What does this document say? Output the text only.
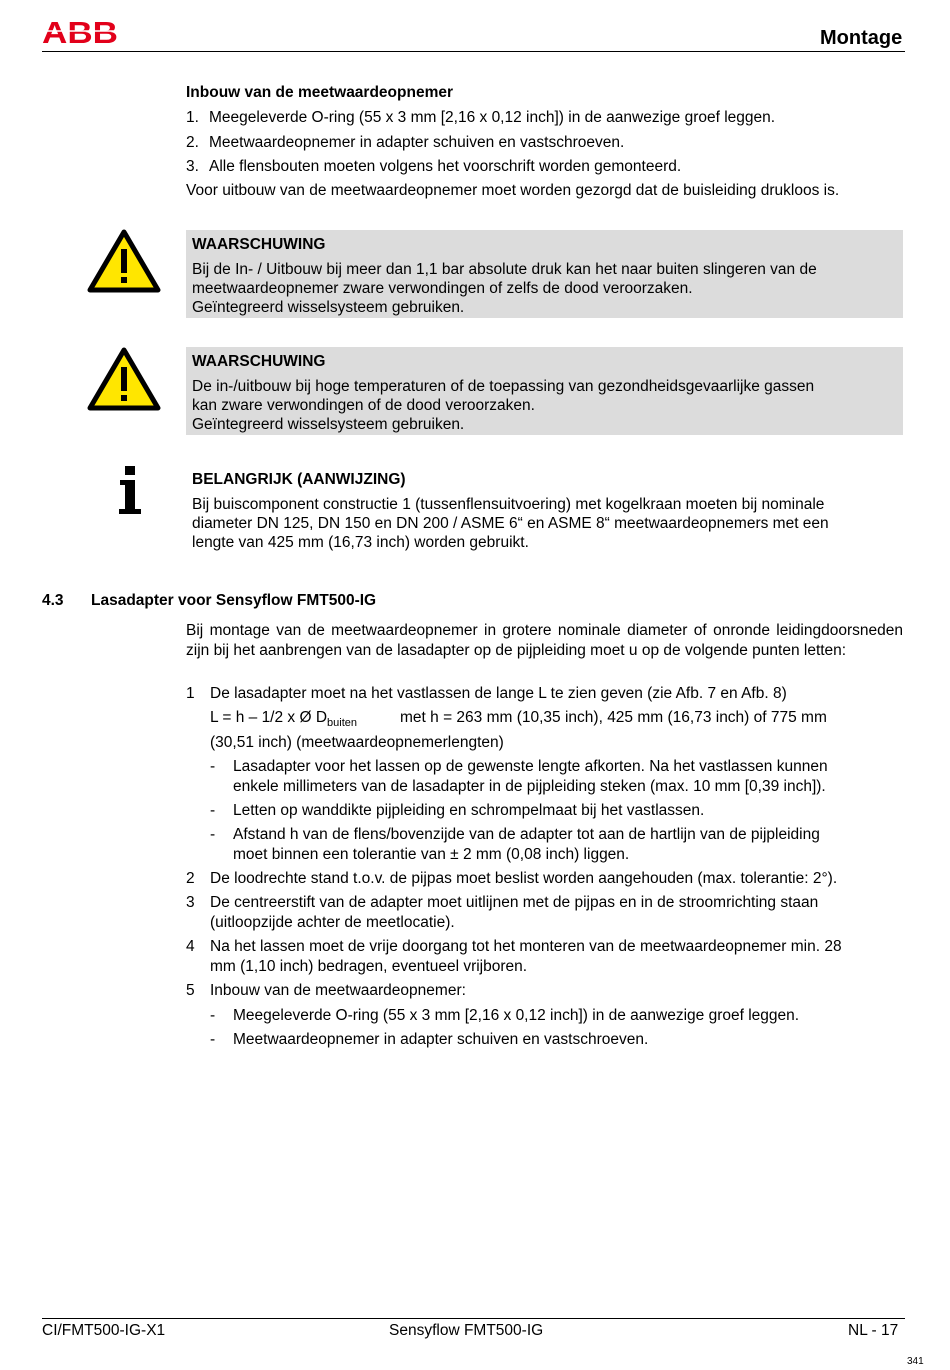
ABB	Montage
Inbouw van de meetwaardeopnemer
1. Meegeleverde O-ring (55 x 3 mm [2,16 x 0,12 inch]) in de aanwezige groef leggen.
2. Meetwaardeopnemer in adapter schuiven en vastschroeven.
3. Alle flensbouten moeten volgens het voorschrift worden gemonteerd.
Voor uitbouw van de meetwaardeopnemer moet worden gezorgd dat de buisleiding drukloos is.
WAARSCHUWING
Bij de In- / Uitbouw bij meer dan 1,1 bar absolute druk kan het naar buiten slingeren van de
meetwaardeopnemer zware verwondingen of zelfs de dood veroorzaken.
Geïntegreerd wisselsysteem gebruiken.
WAARSCHUWING
De in-/uitbouw bij hoge temperaturen of de toepassing van gezondheidsgevaarlijke gassen
kan zware verwondingen of de dood veroorzaken.
Geïntegreerd wisselsysteem gebruiken.
BELANGRIJK (AANWIJZING)
Bij buiscomponent constructie 1 (tussenflensuitvoering) met kogelkraan moeten bij nominale
diameter DN 125, DN 150 en DN 200 / ASME 6“ en ASME 8“ meetwaardeopnemers met een
lengte van 425 mm (16,73 inch) worden gebruikt.
4.3 Lasadapter voor Sensyflow FMT500-IG
Bij montage van de meetwaardeopnemer in grotere nominale diameter of onronde leidingdoorsneden zijn bij het aanbrengen van de lasadapter op de pijpleiding moet u op de volgende punten letten:
1 De lasadapter moet na het vastlassen de lange L te zien geven (zie Afb. 7 en Afb. 8)
L = h – 1/2 x Ø $D_{buiten}$	met h = 263 mm (10,35 inch), 425 mm (16,73 inch) of 775 mm
(30,51 inch) (meetwaardeopnemerlengten)
- Lasadapter voor het lassen op de gewenste lengte afkorten. Na het vastlassen kunnen
enkele millimeters van de lasadapter in de pijpleiding steken (max. 10 mm [0,39 inch]).
- Letten op wanddikte pijpleiding en schrompelmaat bij het vastlassen.
- Afstand h van de flens/bovenzijde van de adapter tot aan de hartlijn van de pijpleiding
moet binnen een tolerantie van ± 2 mm (0,08 inch) liggen.
2 De loodrechte stand t.o.v. de pijpas moet beslist worden aangehouden (max. tolerantie: 2°).
3 De centreerstift van de adapter moet uitlijnen met de pijpas en in de stroomrichting staan
(uitloopzijde achter de meetlocatie).
4 Na het lassen moet de vrije doorgang tot het monteren van de meetwaardeopnemer min. 28
mm (1,10 inch) bedragen, eventueel vrijboren.
5 Inbouw van de meetwaardeopnemer:
- Meegeleverde O-ring (55 x 3 mm [2,16 x 0,12 inch]) in de aanwezige groef leggen.
- Meetwaardeopnemer in adapter schuiven en vastschroeven.
CI/FMT500-IG-X1	Sensyflow FMT500-IG	NL - 17
341
